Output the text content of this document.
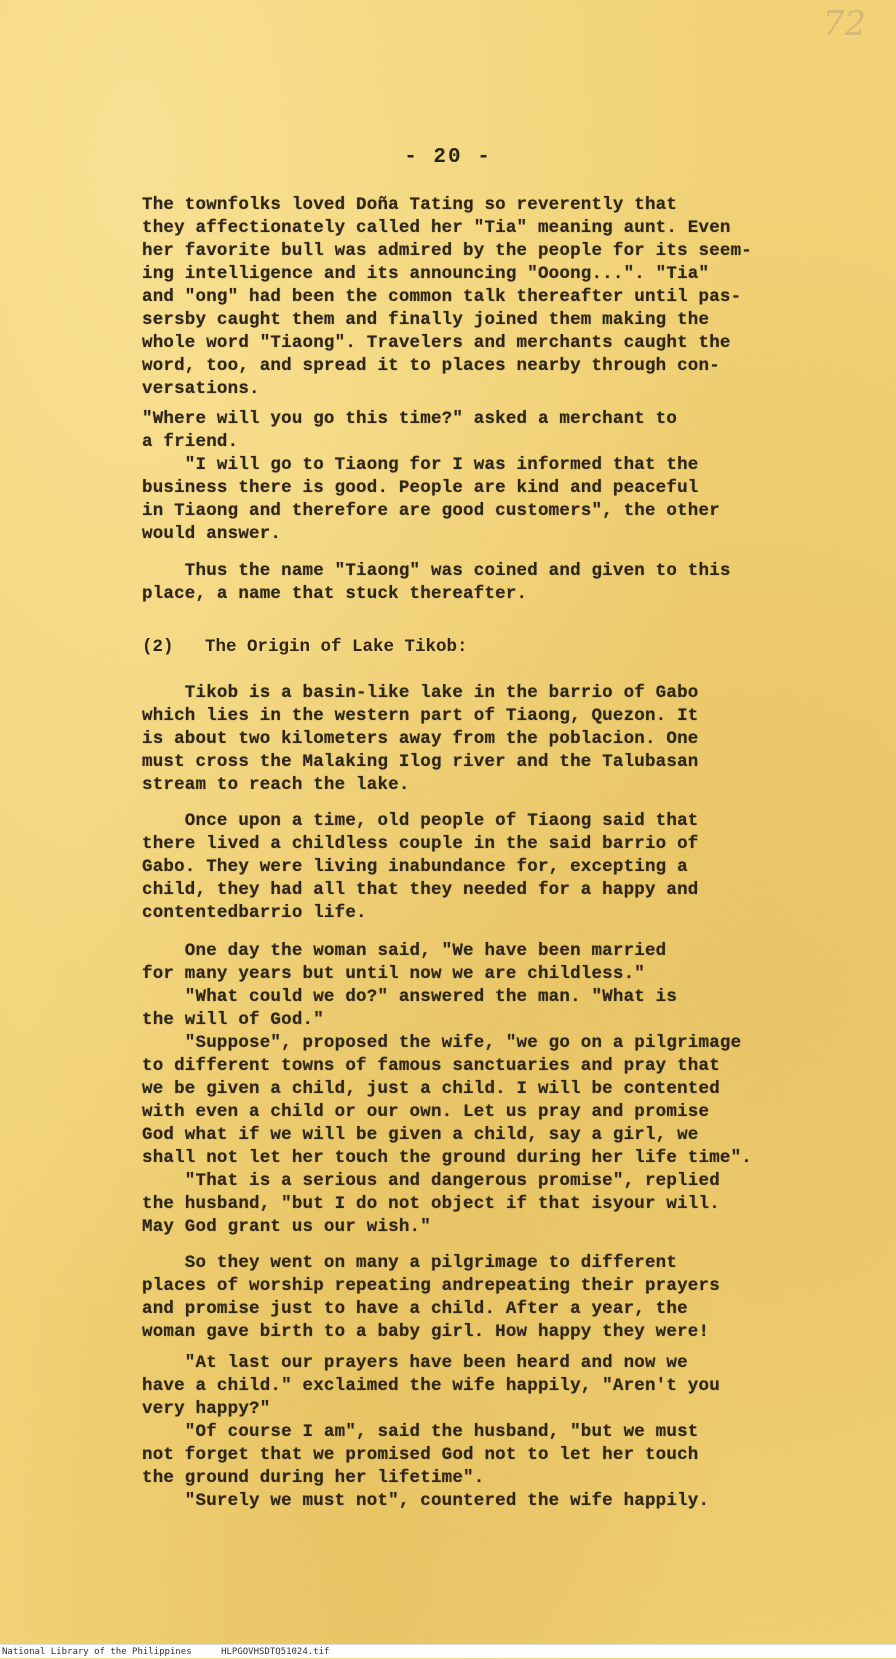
72
- 20 -
The townfolks loved Doña Tating so reverently that
they affectionately called her "Tia" meaning aunt. Even
her favorite bull was admired by the people for its seem-
ing intelligence and its announcing "Ooong...". "Tia"
and "ong" had been the common talk thereafter until pas-
sersby caught them and finally joined them making the
whole word "Tiaong". Travelers and merchants caught the
word, too, and spread it to places nearby through con-
versations.
"Where will you go this time?" asked a merchant to
a friend.
"I will go to Tiaong for I was informed that the
business there is good. People are kind and peaceful
in Tiaong and therefore are good customers", the other
would answer.
Thus the name "Tiaong" was coined and given to this
place, a name that stuck thereafter.
(2)   The Origin of Lake Tikob:
Tikob is a basin-like lake in the barrio of Gabo
which lies in the western part of Tiaong, Quezon. It
is about two kilometers away from the poblacion. One
must cross the Malaking Ilog river and the Talubasan
stream to reach the lake.
Once upon a time, old people of Tiaong said that
there lived a childless couple in the said barrio of
Gabo. They were living inabundance for, excepting a
child, they had all that they needed for a happy and
contentedbarrio life.
One day the woman said, "We have been married
for many years but until now we are childless."
"What could we do?" answered the man. "What is
the will of God."
"Suppose", proposed the wife, "we go on a pilgrimage
to different towns of famous sanctuaries and pray that
we be given a child, just a child. I will be contented
with even a child or our own. Let us pray and promise
God what if we will be given a child, say a girl, we
shall not let her touch the ground during her life time".
"That is a serious and dangerous promise", replied
the husband, "but I do not object if that isyour will.
May God grant us our wish."
So they went on many a pilgrimage to different
places of worship repeating andrepeating their prayers
and promise just to have a child. After a year, the
woman gave birth to a baby girl. How happy they were!
"At last our prayers have been heard and now we
have a child." exclaimed the wife happily, "Aren't you
very happy?"
"Of course I am", said the husband, "but we must
not forget that we promised God not to let her touch
the ground during her lifetime".
"Surely we must not", countered the wife happily.
National Library of the Philippines	HLPGOVHSDTQ51024.tif
